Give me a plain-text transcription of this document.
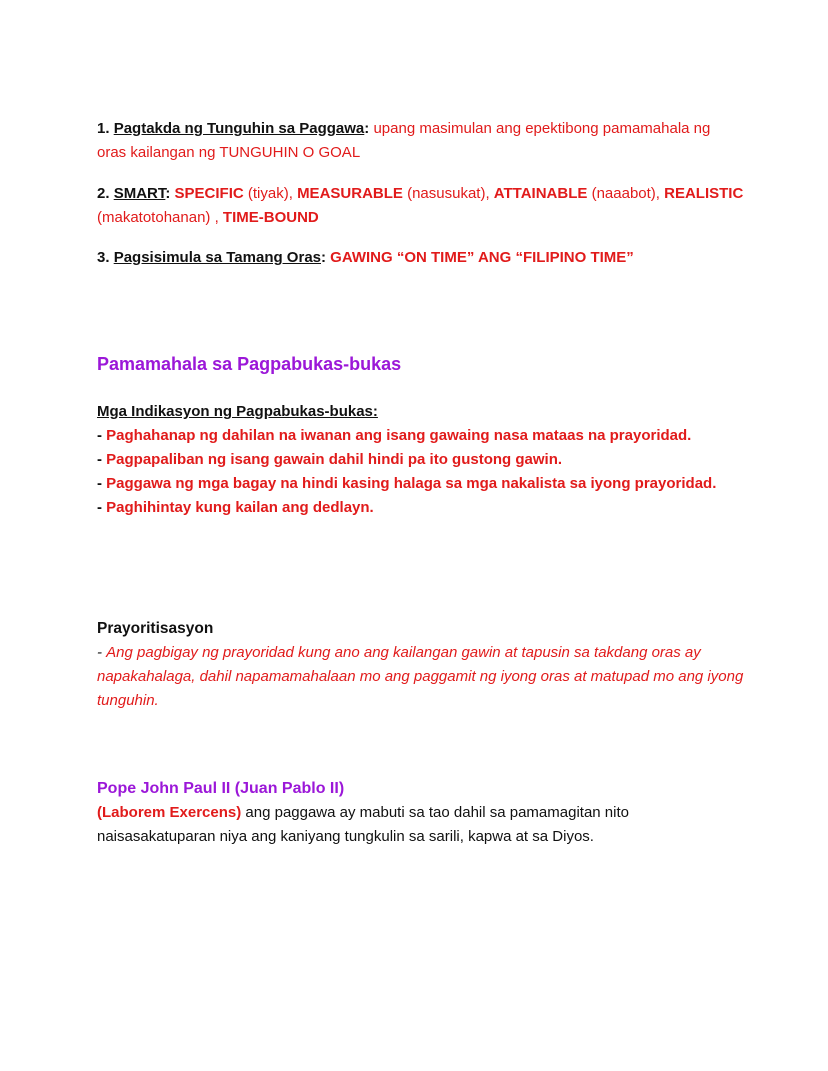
1. Pagtakda ng Tunguhin sa Paggawa: upang masimulan ang epektibong pamamahala ng oras kailangan ng TUNGUHIN O GOAL
2. SMART: SPECIFIC (tiyak), MEASURABLE (nasusukat), ATTAINABLE (naaabot), REALISTIC (makatotohanan) , TIME-BOUND
3. Pagsisimula sa Tamang Oras: GAWING “ON TIME” ANG “FILIPINO TIME”
Pamamahala sa Pagpabukas-bukas
Mga Indikasyon ng Pagpabukas-bukas:
- Paghahanap ng dahilan na iwanan ang isang gawaing nasa mataas na prayoridad.
- Pagpapaliban ng isang gawain dahil hindi pa ito gustong gawin.
- Paggawa ng mga bagay na hindi kasing halaga sa mga nakalista sa iyong prayoridad.
- Paghihintay kung kailan ang dedlayn.
Prayoritisasyon
- Ang pagbigay ng prayoridad kung ano ang kailangan gawin at tapusin sa takdang oras ay napakahalaga, dahil napamamahalaan mo ang paggamit ng iyong oras at matupad mo ang iyong tunguhin.
Pope John Paul II (Juan Pablo II)
(Laborem Exercens) ang paggawa ay mabuti sa tao dahil sa pamamagitan nito naisasakatuparan niya ang kaniyang tungkulin sa sarili, kapwa at sa Diyos.
